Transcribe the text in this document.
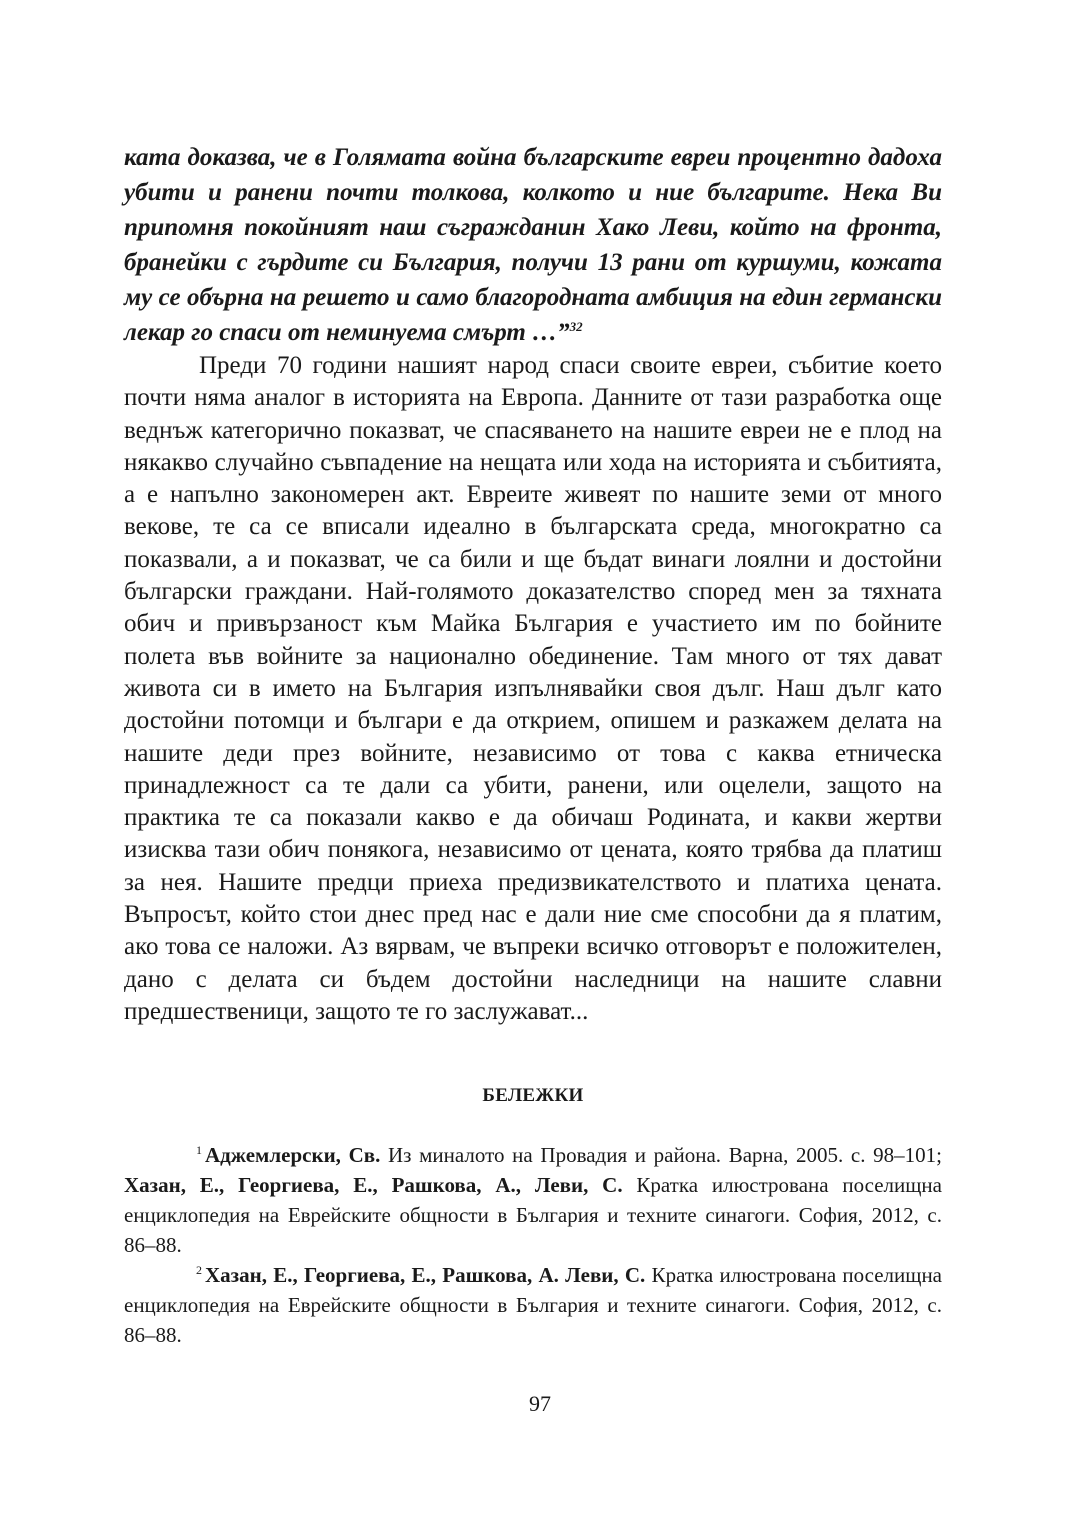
ката доказва, че в Голямата война българските евреи процентно дадоха убити и ранени почти толкова, колкото и ние българите. Нека Ви припомня покойният наш съгражданин Хако Леви, който на фронта, бранейки с гърдите си България, получи 13 рани от куршуми, кожата му се обърна на решето и само благородната амбиция на един германски лекар го спаси от неминуема смърт …”$^{32}$

Преди 70 години нашият народ спаси своите евреи, събитие което почти няма аналог в историята на Европа. Данните от тази разработка още веднъж категорично показват, че спасяването на нашите евреи не е плод на някакво случайно съвпадение на нещата или хода на историята и събитията, а е напълно закономерен акт. Евреите живеят по нашите земи от много векове, те са се вписали идеално в българската среда, многократно са показвали, а и показват, че са били и ще бъдат винаги лоялни и достойни български граждани. Най-голямото доказателство според мен за тяхната обич и привързаност към Майка България е участието им по бойните полета във войните за национално обединение. Там много от тях дават живота си в името на България изпълнявайки своя дълг. Наш дълг като достойни потомци и българи е да открием, опишем и разкажем делата на нашите деди през войните, независимо от това с каква етническа принадлежност са те дали са убити, ранени, или оцелели, защото на практика те са показали какво е да обичаш Родината, и какви жертви изисква тази обич понякога, независимо от цената, която трябва да платиш за нея. Нашите предци приеха предизвикателството и платиха цената. Въпросът, който стои днес пред нас е дали ние сме способни да я платим, ако това се наложи. Аз вярвам, че въпреки всичко отговорът е положителен, дано с делата си бъдем достойни наследници на нашите славни предшественици, защото те го заслужават...

БЕЛЕЖКИ

$^1$ Аджемлерски, Св. Из миналото на Провадия и района. Варна, 2005. с. 98–101; Хазан, Е., Георгиева, Е., Рашкова, А., Леви, С. Кратка илюстрована поселищна енциклопедия на Еврейските общности в България и техните синагоги. София, 2012, с. 86–88.

$^2$ Хазан, Е., Георгиева, Е., Рашкова, А. Леви, С. Кратка илюстрована поселищна енциклопедия на Еврейските общности в България и техните синагоги. София, 2012, с. 86–88.

97
